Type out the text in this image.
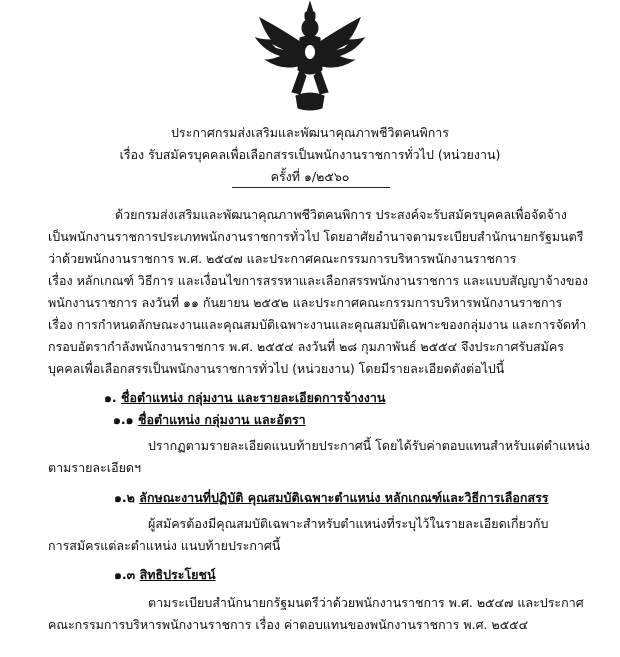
ประกาศกรมส่งเสริมและพัฒนาคุณภาพชีวิตคนพิการ
เรื่อง รับสมัครบุคคลเพื่อเลือกสรรเป็นพนักงานราชการทั่วไป (หน่วยงาน)
ครั้งที่ ๑/๒๕๖๐
ด้วยกรมส่งเสริมและพัฒนาคุณภาพชีวิตคนพิการ ประสงค์จะรับสมัครบุคคลเพื่อจัดจ้าง
เป็นพนักงานราชการประเภทพนักงานราชการทั่วไป โดยอาศัยอำนาจตามระเบียบสำนักนายกรัฐมนตรี
ว่าด้วยพนักงานราชการ พ.ศ. ๒๕๔๗ และประกาศคณะกรรมการบริหารพนักงานราชการ
เรื่อง หลักเกณฑ์ วิธีการ และเงื่อนไขการสรรหาและเลือกสรรพนักงานราชการ และแบบสัญญาจ้างของ
พนักงานราชการ ลงวันที่ ๑๑ กันยายน ๒๕๕๒ และประกาศคณะกรรมการบริหารพนักงานราชการ
เรื่อง การกำหนดลักษณะงานและคุณสมบัติเฉพาะงานและคุณสมบัติเฉพาะของกลุ่มงาน และการจัดทำ
กรอบอัตรากำลังพนักงานราชการ พ.ศ. ๒๕๕๔ ลงวันที่ ๒๘ กุมภาพันธ์ ๒๕๕๔ จึงประกาศรับสมัคร
บุคคลเพื่อเลือกสรรเป็นพนักงานราชการทั่วไป (หน่วยงาน) โดยมีรายละเอียดดังต่อไปนี้
๑. ชื่อตำแหน่ง กลุ่มงาน และรายละเอียดการจ้างงาน
๑.๑ ชื่อตำแหน่ง กลุ่มงาน และอัตรา
ปรากฏตามรายละเอียดแนบท้ายประกาศนี้ โดยได้รับค่าตอบแทนสำหรับแต่ตำแหน่ง
ตามรายละเอียดฯ
๑.๒ ลักษณะงานที่ปฏิบัติ คุณสมบัติเฉพาะตำแหน่ง หลักเกณฑ์และวิธีการเลือกสรร
ผู้สมัครต้องมีคุณสมบัติเฉพาะสำหรับตำแหน่งที่ระบุไว้ในรายละเอียดเกี่ยวกับ
การสมัครแต่ละตำแหน่ง แนบท้ายประกาศนี้
๑.๓ สิทธิประโยชน์
ตามระเบียบสำนักนายกรัฐมนตรีว่าด้วยพนักงานราชการ พ.ศ. ๒๕๔๗ และประกาศ
คณะกรรมการบริหารพนักงานราชการ เรื่อง ค่าตอบแทนของพนักงานราชการ พ.ศ. ๒๕๕๔
